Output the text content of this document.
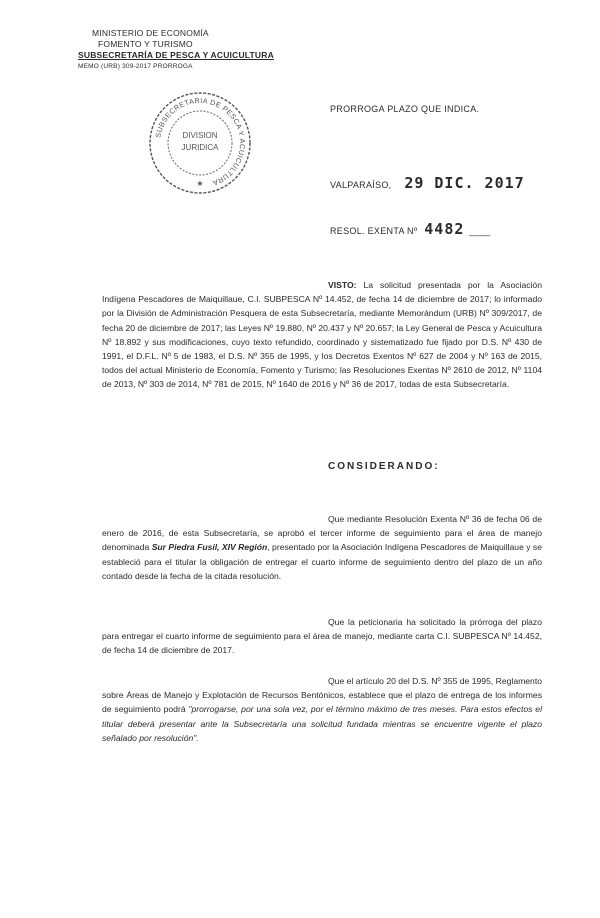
MINISTERIO DE ECONOMÍA
FOMENTO Y TURISMO
SUBSECRETARÍA DE PESCA Y ACUICULTURA
MEMO (URB) 309-2017 PRORROGA
SUBSECRETARIA DE PESCA Y ACUICULTURA
DIVISION
JURIDICA
★
PRORROGA PLAZO QUE INDICA.
VALPARAÍSO, 29 DIC. 2017
RESOL. EXENTA Nº 4482 ____
VISTO: La solicitud presentada por la Asociación Indígena Pescadores de Maiquillaue, C.I. SUBPESCA Nº 14.452, de fecha 14 de diciembre de 2017; lo informado por la División de Administración Pesquera de esta Subsecretaría, mediante Memorándum (URB) Nº 309/2017, de fecha 20 de diciembre de 2017; las Leyes Nº 19.880, Nº 20.437 y Nº 20.657; la Ley General de Pesca y Acuicultura Nº 18.892 y sus modificaciones, cuyo texto refundido, coordinado y sistematizado fue fijado por D.S. Nº 430 de 1991, el D.F.L. Nº 5 de 1983, el D.S. Nº 355 de 1995, y los Decretos Exentos Nº 627 de 2004 y Nº 163 de 2015, todos del actual Ministerio de Economía, Fomento y Turismo; las Resoluciones Exentas Nº 2610 de 2012, Nº 1104 de 2013, Nº 303 de 2014, Nº 781 de 2015, Nº 1640 de 2016 y Nº 36 de 2017, todas de esta Subsecretaría.
CONSIDERANDO:
Que mediante Resolución Exenta Nº 36 de fecha 06 de enero de 2016, de esta Subsecretaría, se aprobó el tercer informe de seguimiento para el área de manejo denominada Sur Piedra Fusil, XIV Región, presentado por la Asociación Indígena Pescadores de Maiquillaue y se estableció para el titular la obligación de entregar el cuarto informe de seguimiento dentro del plazo de un año contado desde la fecha de la citada resolución.
Que la peticionaria ha solicitado la prórroga del plazo para entregar el cuarto informe de seguimiento para el área de manejo, mediante carta C.I. SUBPESCA Nº 14.452, de fecha 14 de diciembre de 2017.
Que el artículo 20 del D.S. Nº 355 de 1995, Reglamento sobre Áreas de Manejo y Explotación de Recursos Bentónicos, establece que el plazo de entrega de los informes de seguimiento podrá "prorrogarse, por una sola vez, por el término máximo de tres meses. Para estos efectos el titular deberá presentar ante la Subsecretaría una solicitud fundada mientras se encuentre vigente el plazo señalado por resolución".
